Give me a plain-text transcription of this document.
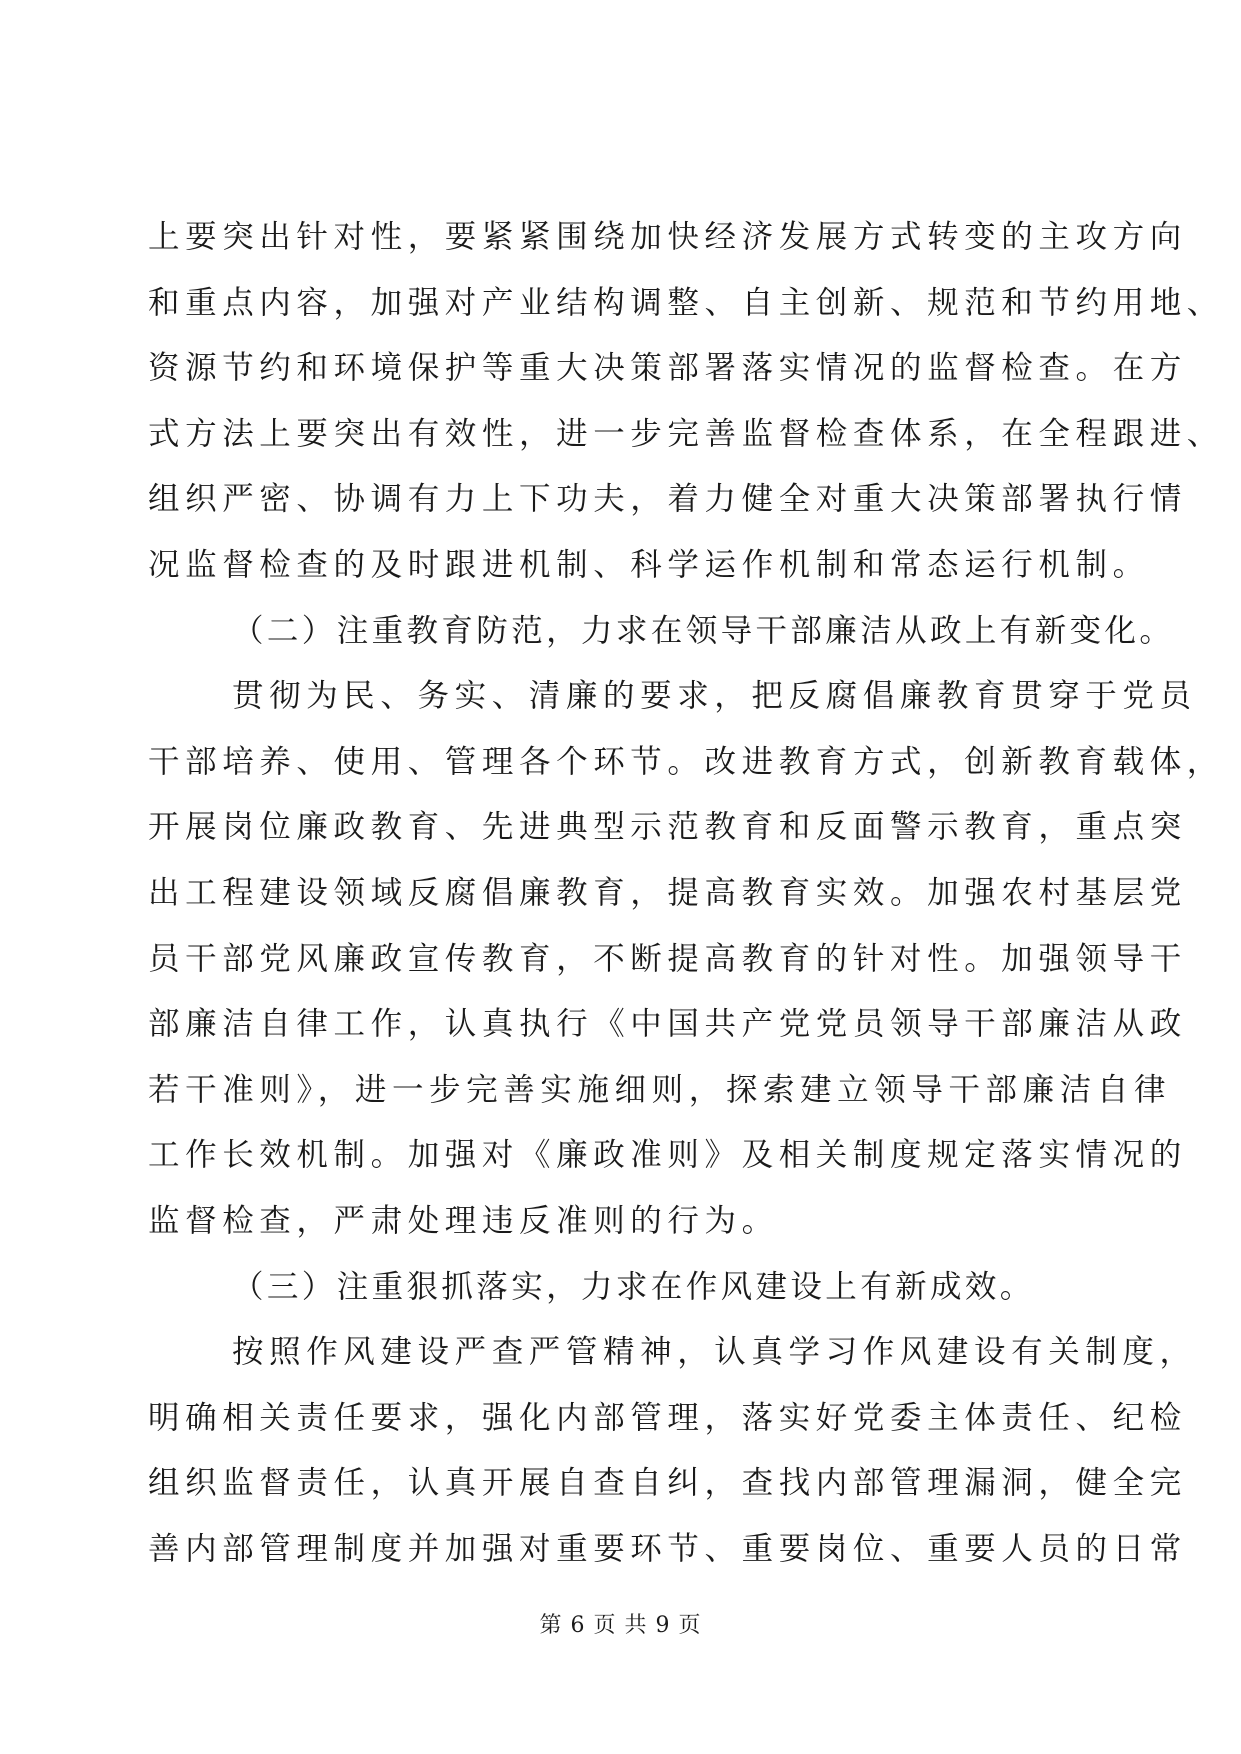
上要突出针对性，要紧紧围绕加快经济发展方式转变的主攻方向

和重点内容，加强对产业结构调整、自主创新、规范和节约用地、

资源节约和环境保护等重大决策部署落实情况的监督检查。在方

式方法上要突出有效性，进一步完善监督检查体系，在全程跟进、

组织严密、协调有力上下功夫，着力健全对重大决策部署执行情

况监督检查的及时跟进机制、科学运作机制和常态运行机制。

（二）注重教育防范，力求在领导干部廉洁从政上有新变化。

贯彻为民、务实、清廉的要求，把反腐倡廉教育贯穿于党员

干部培养、使用、管理各个环节。改进教育方式，创新教育载体，

开展岗位廉政教育、先进典型示范教育和反面警示教育，重点突

出工程建设领域反腐倡廉教育，提高教育实效。加强农村基层党

员干部党风廉政宣传教育，不断提高教育的针对性。加强领导干

部廉洁自律工作，认真执行《中国共产党党员领导干部廉洁从政

若干准则》，进一步完善实施细则，探索建立领导干部廉洁自律

工作长效机制。加强对《廉政准则》及相关制度规定落实情况的

监督检查，严肃处理违反准则的行为。

（三）注重狠抓落实，力求在作风建设上有新成效。

按照作风建设严查严管精神，认真学习作风建设有关制度，

明确相关责任要求，强化内部管理，落实好党委主体责任、纪检

组织监督责任，认真开展自查自纠，查找内部管理漏洞，健全完

善内部管理制度并加强对重要环节、重要岗位、重要人员的日常

第 6 页 共 9 页
